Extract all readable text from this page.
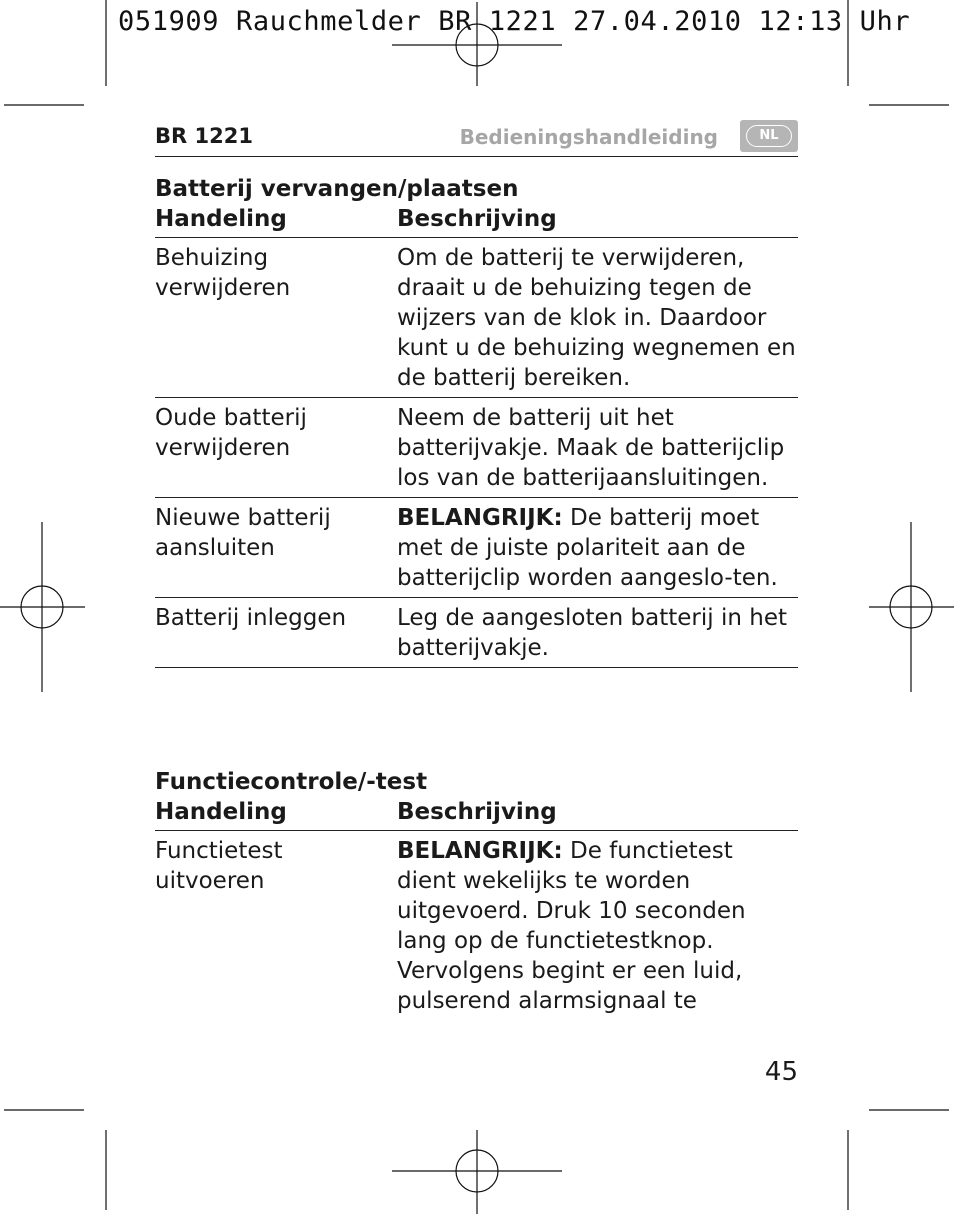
051909 Rauchmelder BR 1221 27.04.2010 12:13 Uhr
BR 1221	Bedieningshandleiding	NL
Batterij vervangen/plaatsen
Handeling	Beschrijving
Behuizing verwijderen	Om de batterij te verwijderen, draait u de behuizing tegen de wijzers van de klok in. Daardoor kunt u de behuizing wegnemen en de batterij bereiken.
Oude batterij verwijderen	Neem de batterij uit het batterijvakje. Maak de batterijclip los van de batterijaansluitingen.
Nieuwe batterij aansluiten	BELANGRIJK: De batterij moet met de juiste polariteit aan de batterijclip worden aangeslo-ten.
Batterij inleggen	Leg de aangesloten batterij in het batterijvakje.
Functiecontrole/-test
Handeling	Beschrijving
Functietest uitvoeren	BELANGRIJK: De functietest dient wekelijks te worden uitgevoerd. Druk 10 seconden lang op de functietestknop. Vervolgens begint er een luid, pulserend alarmsignaal te
45
